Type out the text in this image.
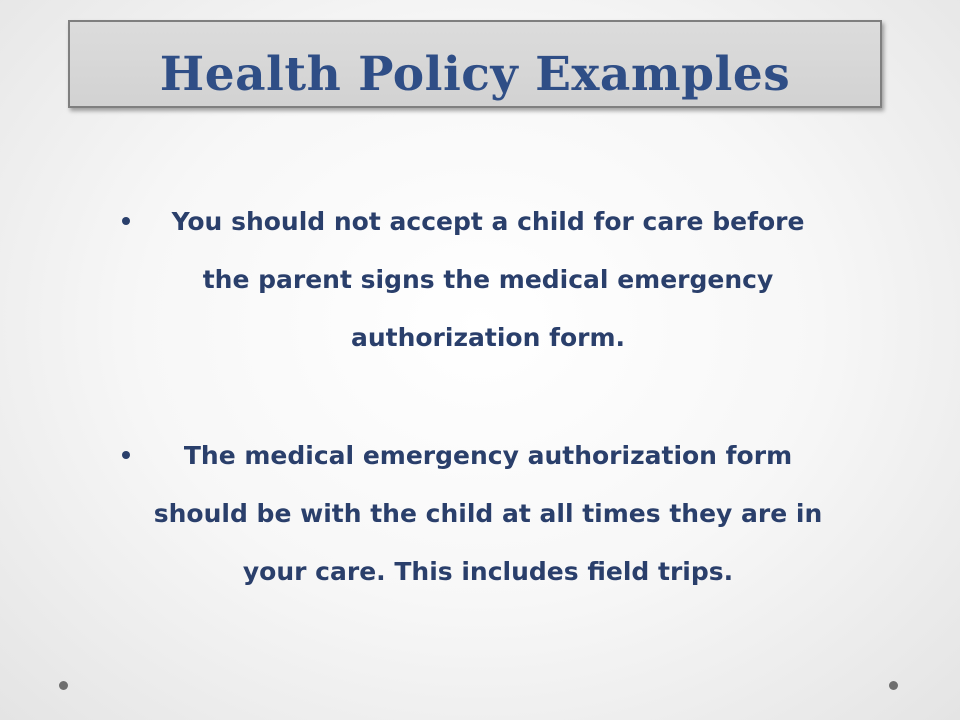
Health Policy Examples
You should not accept a child for care before
the parent signs the medical emergency
authorization form.
The medical emergency authorization form
should be with the child at all times they are in
your care. This includes field trips.
